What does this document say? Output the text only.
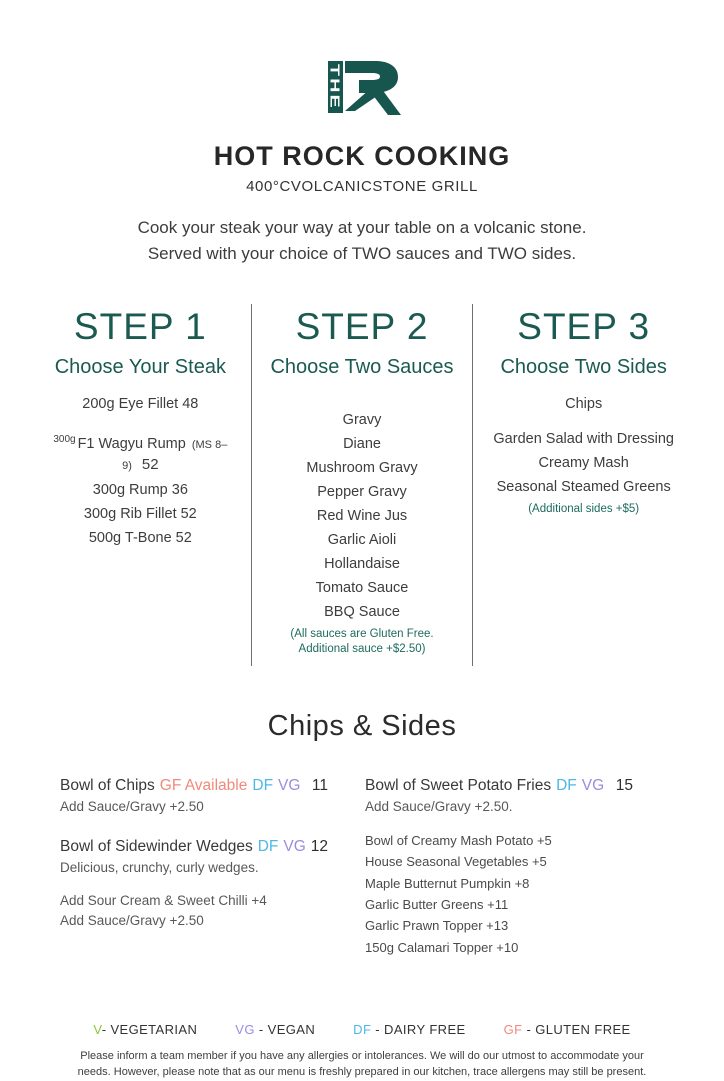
THE
HOT ROCK COOKING
400°CVOLCANICSTONE GRILL
Cook your steak your way at your table on a volcanic stone.
Served with your choice of TWO sauces and TWO sides.
STEP 1
Choose Your Steak
200g Eye Fillet 48
$^{300g}$ F1 Wagyu Rump (MS 8–9) 52
300g Rump 36
300g Rib Fillet 52
500g T-Bone 52
STEP 2
Choose Two Sauces
Gravy
Diane
Mushroom Gravy
Pepper Gravy
Red Wine Jus
Garlic Aioli
Hollandaise
Tomato Sauce
BBQ Sauce
(All sauces are Gluten Free.
Additional sauce +$2.50)
STEP 3
Choose Two Sides
Chips
Garden Salad with Dressing
Creamy Mash
Seasonal Steamed Greens
(Additional sides +$5)
Chips & Sides
Bowl of Chips GF Available DF VG 11
Add Sauce/Gravy +2.50
Bowl of Sidewinder Wedges DF VG 12
Delicious, crunchy, curly wedges.
Add Sour Cream & Sweet Chilli +4
Add Sauce/Gravy +2.50
Bowl of Sweet Potato Fries DF VG 15
Add Sauce/Gravy +2.50.
Bowl of Creamy Mash Potato +5
House Seasonal Vegetables +5
Maple Butternut Pumpkin +8
Garlic Butter Greens +11
Garlic Prawn Topper +13
150g Calamari Topper +10
V- VEGETARIAN	VG - VEGAN	DF - DAIRY FREE	GF - GLUTEN FREE
Please inform a team member if you have any allergies or intolerances. We will do our utmost to accommodate your needs. However, please note that as our menu is freshly prepared in our kitchen, trace allergens may still be present.
